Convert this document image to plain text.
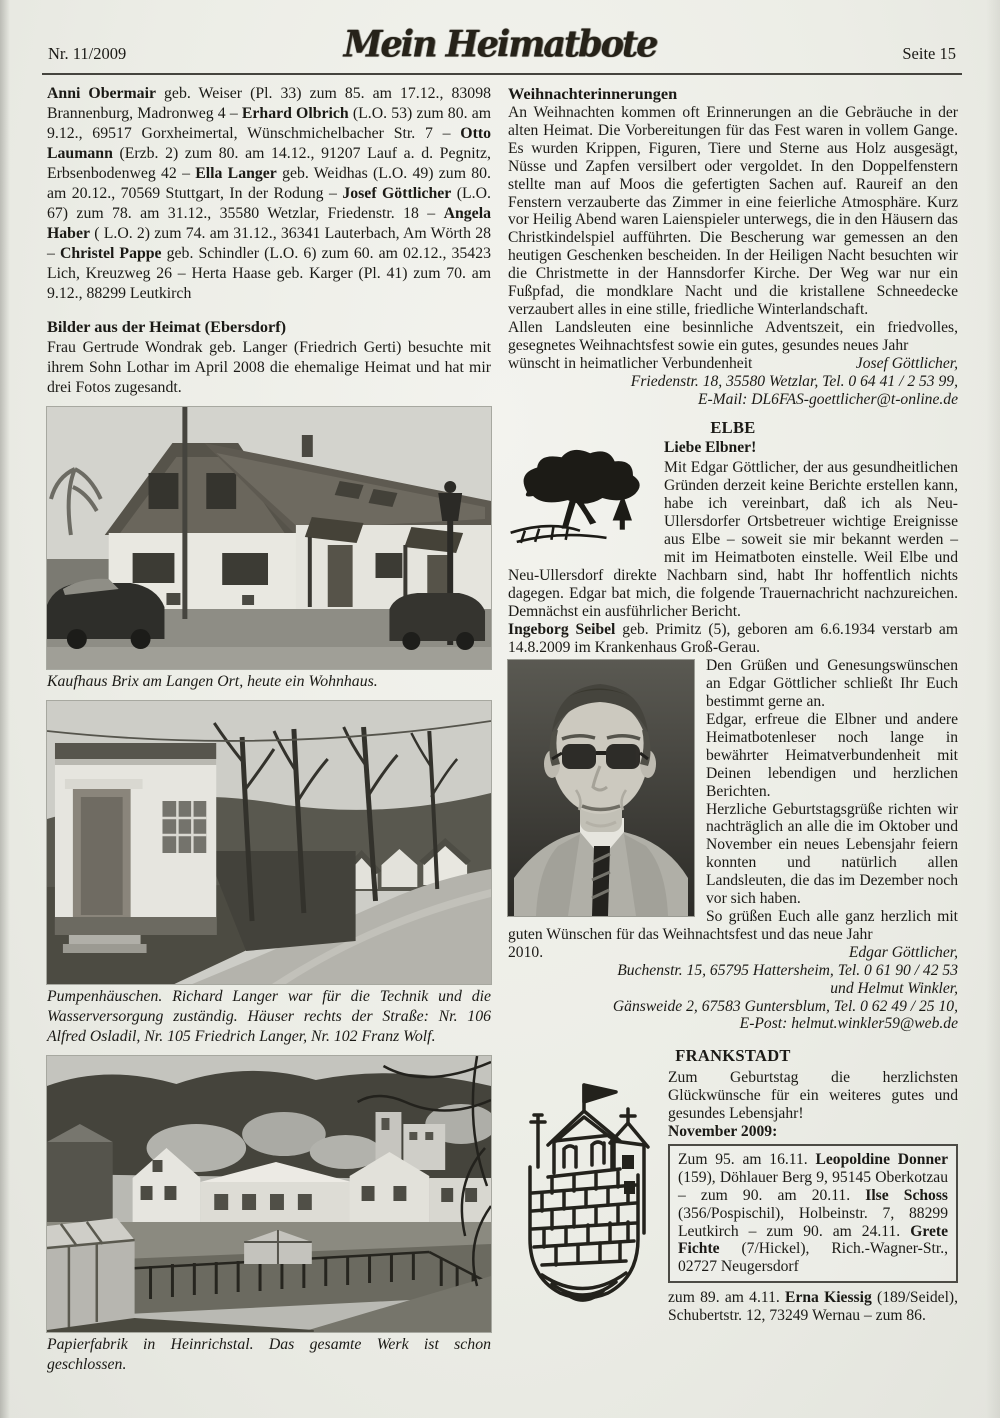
Nr. 11/2009	Mein Heimatbote	Seite 15

Anni Obermair geb. Weiser (Pl. 33) zum 85. am 17.12., 83098 Brannenburg, Madronweg 4 – Erhard Olbrich (L.O. 53) zum 80. am 9.12., 69517 Gorxheimertal, Wünschmichelbacher Str. 7 – Otto Laumann (Erzb. 2) zum 80. am 14.12., 91207 Lauf a. d. Pegnitz, Erbsenbodenweg 42 – Ella Langer geb. Weidhas (L.O. 49) zum 80. am 20.12., 70569 Stuttgart, In der Rodung – Josef Göttlicher (L.O. 67) zum 78. am 31.12., 35580 Wetzlar, Friedenstr. 18 – Angela Haber ( L.O. 2) zum 74. am 31.12., 36341 Lauterbach, Am Wörth 28 – Christel Pappe geb. Schindler (L.O. 6) zum 60. am 02.12., 35423 Lich, Kreuzweg 26 – Herta Haase geb. Karger (Pl. 41) zum 70. am 9.12., 88299 Leutkirch

Bilder aus der Heimat (Ebersdorf)

Frau Gertrude Wondrak geb. Langer (Friedrich Gerti) besuchte mit ihrem Sohn Lothar im April 2008 die ehemalige Heimat und hat mir drei Fotos zugesandt.

Kaufhaus Brix am Langen Ort, heute ein Wohnhaus.

Pumpenhäuschen. Richard Langer war für die Technik und die Wasserversorgung zuständig. Häuser rechts der Straße: Nr. 106 Alfred Osladil, Nr. 105 Friedrich Langer, Nr. 102 Franz Wolf.

Papierfabrik in Heinrichstal. Das gesamte Werk ist schon geschlossen.

Weihnachterinnerungen

An Weihnachten kommen oft Erinnerungen an die Gebräuche in der alten Heimat. Die Vorbereitungen für das Fest waren in vollem Gange. Es wurden Krippen, Figuren, Tiere und Sterne aus Holz ausgesägt, Nüsse und Zapfen versilbert oder vergoldet. In den Doppelfenstern stellte man auf Moos die gefertigten Sachen auf. Raureif an den Fenstern verzauberte das Zimmer in eine feierliche Atmosphäre. Kurz vor Heilig Abend waren Laienspieler unterwegs, die in den Häusern das Christkindelspiel aufführten. Die Bescherung war gemessen an den heutigen Geschenken bescheiden. In der Heiligen Nacht besuchten wir die Christmette in der Hannsdorfer Kirche. Der Weg war nur ein Fußpfad, die mondklare Nacht und die kristallene Schneedecke verzaubert alles in eine stille, friedliche Winterlandschaft.

Allen Landsleuten eine besinnliche Adventszeit, ein friedvolles, gesegnetes Weihnachtsfest sowie ein gutes, gesundes neues Jahr

wünscht in heimatlicher Verbundenheit	Josef Göttlicher,

Friedenstr. 18, 35580 Wetzlar, Tel. 0 64 41 / 2 53 99,

E-Mail: DL6FAS-goettlicher@t-online.de

ELBE

Liebe Elbner!

Mit Edgar Göttlicher, der aus gesundheitlichen Gründen derzeit keine Berichte erstellen kann, habe ich vereinbart, daß ich als Neu-Ullersdorfer Ortsbetreuer wichtige Ereignisse aus Elbe – soweit sie mir bekannt werden – mit im Heimatboten einstelle. Weil Elbe und Neu-Ullersdorf direkte Nachbarn sind, habt Ihr hoffentlich nichts dagegen. Edgar bat mich, die folgende Trauernachricht nachzureichen. Demnächst ein ausführlicher Bericht.

Ingeborg Seibel geb. Primitz (5), geboren am 6.6.1934 verstarb am 14.8.2009 im Krankenhaus Groß-Gerau.

Den Grüßen und Genesungswünschen an Edgar Göttlicher schließt Ihr Euch bestimmt gerne an.

Edgar, erfreue die Elbner und andere Heimatbotenleser noch lange in bewährter Heimatverbundenheit mit Deinen lebendigen und herzlichen Berichten.

Herzliche Geburtstagsgrüße richten wir nachträglich an alle die im Oktober und November ein neues Lebensjahr feiern konnten und natürlich allen Landsleuten, die das im Dezember noch vor sich haben.

So grüßen Euch alle ganz herzlich mit guten Wünschen für das Weihnachtsfest und das neue Jahr

2010.	Edgar Göttlicher,

Buchenstr. 15, 65795 Hattersheim, Tel. 0 61 90 / 42 53

und Helmut Winkler,

Gänsweide 2, 67583 Guntersblum, Tel. 0 62 49 / 25 10,

E-Post: helmut.winkler59@web.de

FRANKSTADT

Zum Geburtstag die herzlichsten Glückwünsche für ein weiteres gutes und gesundes Lebensjahr!

November 2009:

Zum 95. am 16.11. Leopoldine Donner (159), Döhlauer Berg 9, 95145 Oberkotzau – zum 90. am 20.11. Ilse Schoss (356/Pospischil), Holbeinstr. 7, 88299 Leutkirch – zum 90. am 24.11. Grete Fichte (7/Hickel), Rich.-Wagner-Str., 02727 Neugersdorf

zum 89. am 4.11. Erna Kiessig (189/Seidel), Schubertstr. 12, 73249 Wernau – zum 86.
